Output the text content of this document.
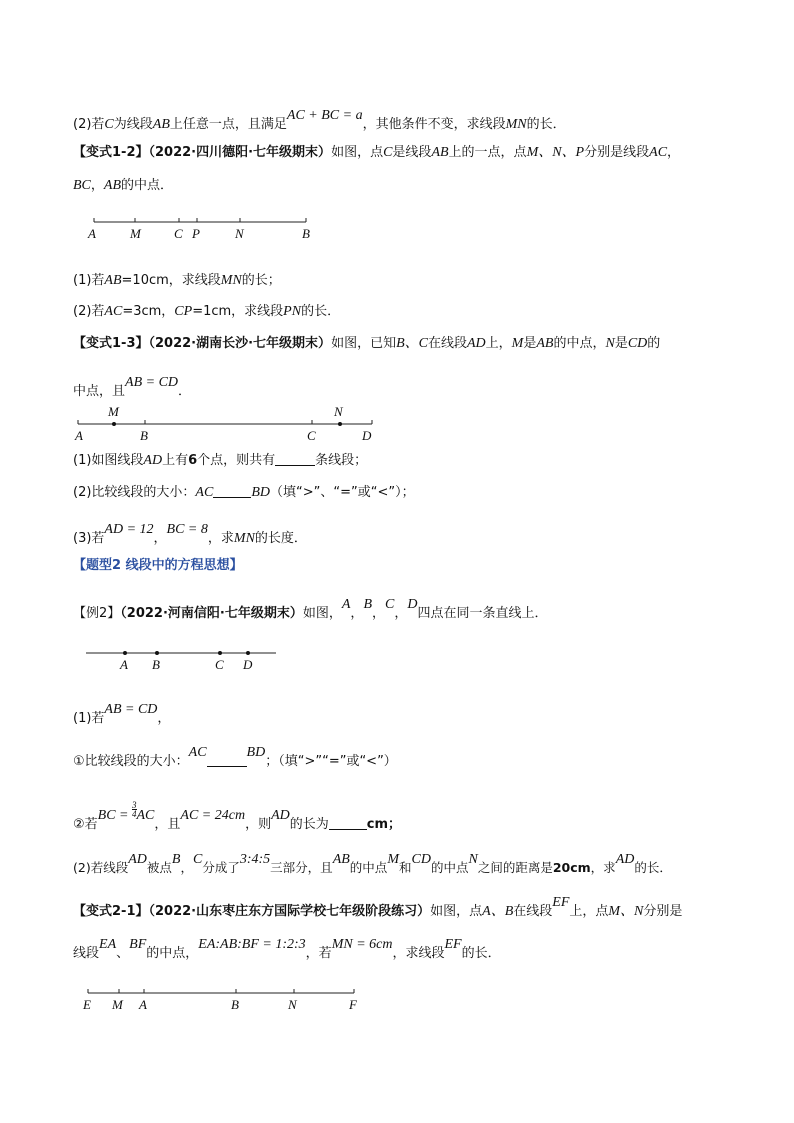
(2)若C为线段AB上任意一点，且满足AC + BC = a，其他条件不变，求线段MN的长．
【变式1-2】（2022·四川德阳·七年级期末）如图，点C是线段AB上的一点，点M、N、P分别是线段AC，
BC，AB的中点．
A	M	C P	N	B
(1)若AB=10cm，求线段MN的长；
(2)若AC=3cm，CP=1cm，求线段PN的长．
【变式1-3】（2022·湖南长沙·七年级期末）如图，已知B、C在线段AD上，M是AB的中点，N是CD的
中点，且AB = CD．
M	N
A	B	C	D
(1)如图线段AD上有6个点，则共有	条线段；
(2)比较线段的大小：AC	BD（填“>”、“=”或“<”）；
(3)若AD = 12，BC = 8，求MN的长度．
【题型2 线段中的方程思想】
【例2】（2022·河南信阳·七年级期末）如图，A，B，C，D四点在同一条直线上．
A B	C D
(1)若AB = CD，
①比较线段的大小：AC	BD；（填“>”“=”或“<”）
②若BC = $\frac{3}{4}$ AC，且AC = 24cm，则AD的长为	cm；
(2)若线段AD被点B，C分成了3:4:5三部分，且AB的中点M和CD的中点N之间的距离是20cm，求AD的长．
【变式2-1】（2022·山东枣庄东方国际学校七年级阶段练习）如图，点A、B在线段EF上，点M、N分别是
线段EA、BF的中点，EA:AB:BF = 1:2:3，若MN = 6cm，求线段EF的长．
E M A	B	N	F
